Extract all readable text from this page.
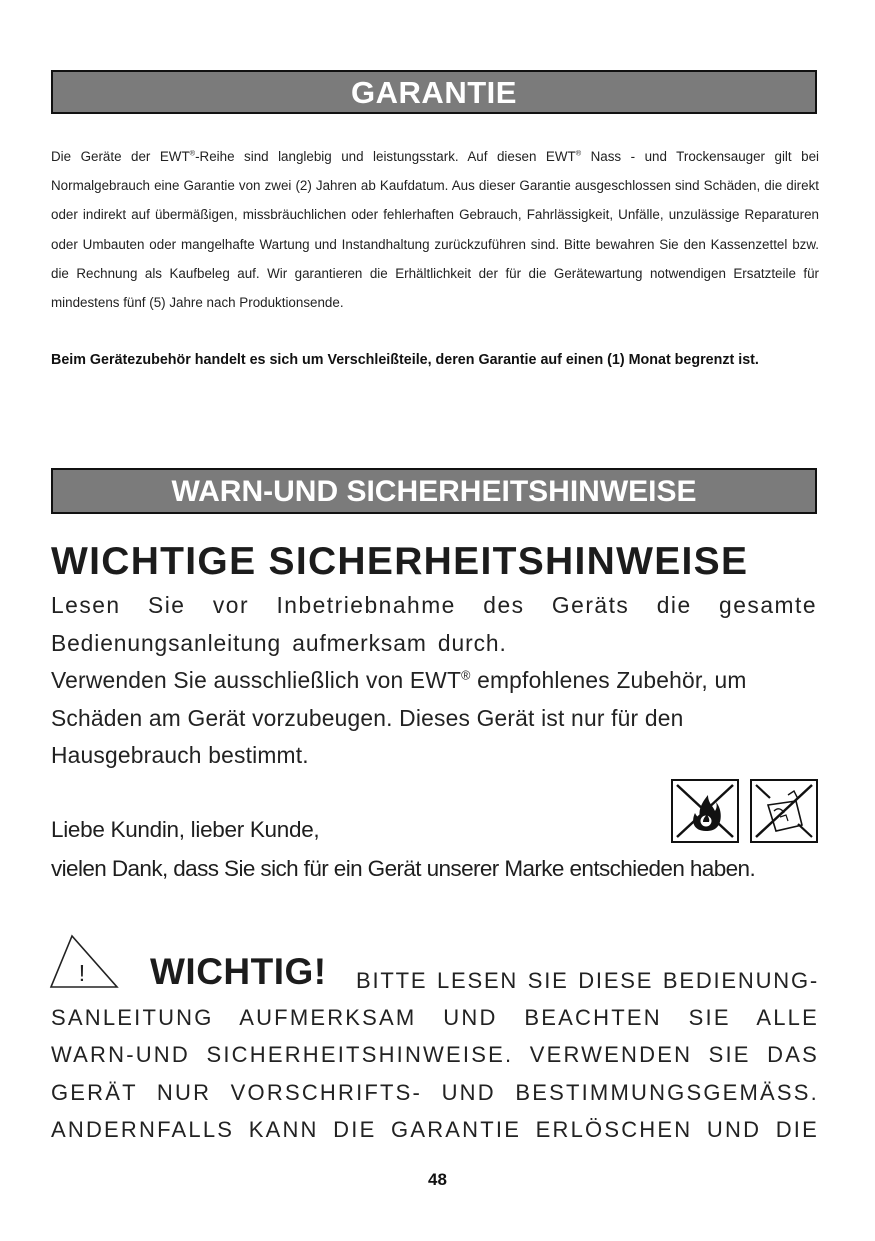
GARANTIE
Die Geräte der EWT®-Reihe sind langlebig und leistungsstark. Auf diesen EWT® Nass - und Trockensauger gilt bei Normalgebrauch eine Garantie von zwei (2) Jahren ab Kaufdatum. Aus dieser Garantie ausgeschlossen sind Schäden, die direkt oder indirekt auf übermäßigen, missbräuchlichen oder fehlerhaften Gebrauch, Fahrlässigkeit, Unfälle, unzulässige Reparaturen oder Umbauten oder mangelhafte Wartung und Instandhaltung zurückzuführen sind. Bitte bewahren Sie den Kassenzettel bzw. die Rechnung als Kaufbeleg auf. Wir garantieren die Erhältlichkeit der für die Gerätewartung notwendigen Ersatzteile für mindestens fünf (5) Jahre nach Produktionsende.
Beim Gerätezubehör handelt es sich um Verschleißteile, deren Garantie auf einen (1) Monat begrenzt ist.
WARN-UND SICHERHEITSHINWEISE
WICHTIGE SICHERHEITSHINWEISE
Lesen Sie vor Inbetriebnahme des Geräts die gesamte
Bedienungsanleitung aufmerksam durch.
Verwenden Sie ausschließlich von EWT® empfohlenes Zubehör, um Schäden am Gerät vorzubeugen. Dieses Gerät ist nur für den Hausgebrauch bestimmt.
Liebe Kundin, lieber Kunde,
vielen Dank, dass Sie sich für ein Gerät unserer Marke entschieden haben.
! WICHTIG! BITTE LESEN SIE DIESE BEDIENUNG-
SANLEITUNG AUFMERKSAM UND BEACHTEN SIE ALLE
WARN-UND SICHERHEITSHINWEISE. VERWENDEN SIE DAS
GERÄT NUR VORSCHRIFTS- UND BESTIMMUNGSGEMÄSS.
ANDERNFALLS KANN DIE GARANTIE ERLÖSCHEN UND DIE
48
